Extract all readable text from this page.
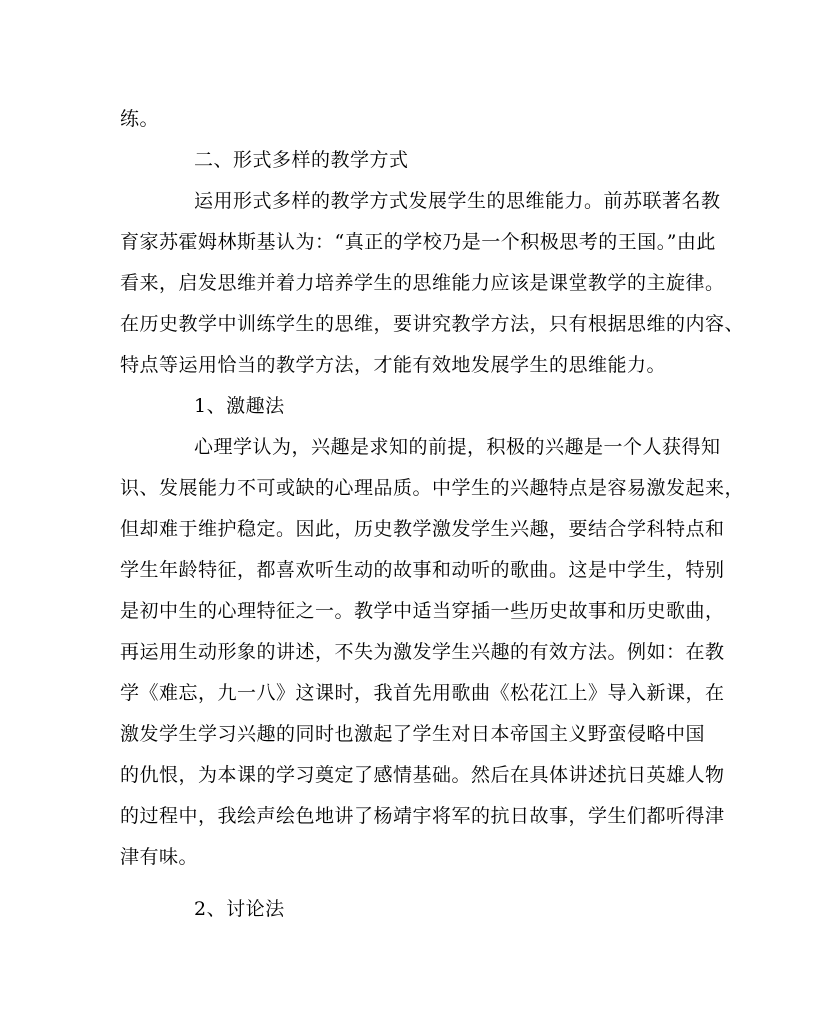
练。
二、形式多样的教学方式
运用形式多样的教学方式发展学生的思维能力。前苏联著名教
育家苏霍姆林斯基认为：“真正的学校乃是一个积极思考的王国。”由此
看来，启发思维并着力培养学生的思维能力应该是课堂教学的主旋律。
在历史教学中训练学生的思维，要讲究教学方法，只有根据思维的内容、
特点等运用恰当的教学方法，才能有效地发展学生的思维能力。
1、激趣法
心理学认为，兴趣是求知的前提，积极的兴趣是一个人获得知
识、发展能力不可或缺的心理品质。中学生的兴趣特点是容易激发起来，
但却难于维护稳定。因此，历史教学激发学生兴趣，要结合学科特点和
学生年龄特征，都喜欢听生动的故事和动听的歌曲。这是中学生，特别
是初中生的心理特征之一。教学中适当穿插一些历史故事和历史歌曲，
再运用生动形象的讲述，不失为激发学生兴趣的有效方法。例如：在教
学《难忘，九一八》这课时，我首先用歌曲《松花江上》导入新课，在
激发学生学习兴趣的同时也激起了学生对日本帝国主义野蛮侵略中国
的仇恨，为本课的学习奠定了感情基础。然后在具体讲述抗日英雄人物
的过程中，我绘声绘色地讲了杨靖宇将军的抗日故事，学生们都听得津
津有味。
2、讨论法
